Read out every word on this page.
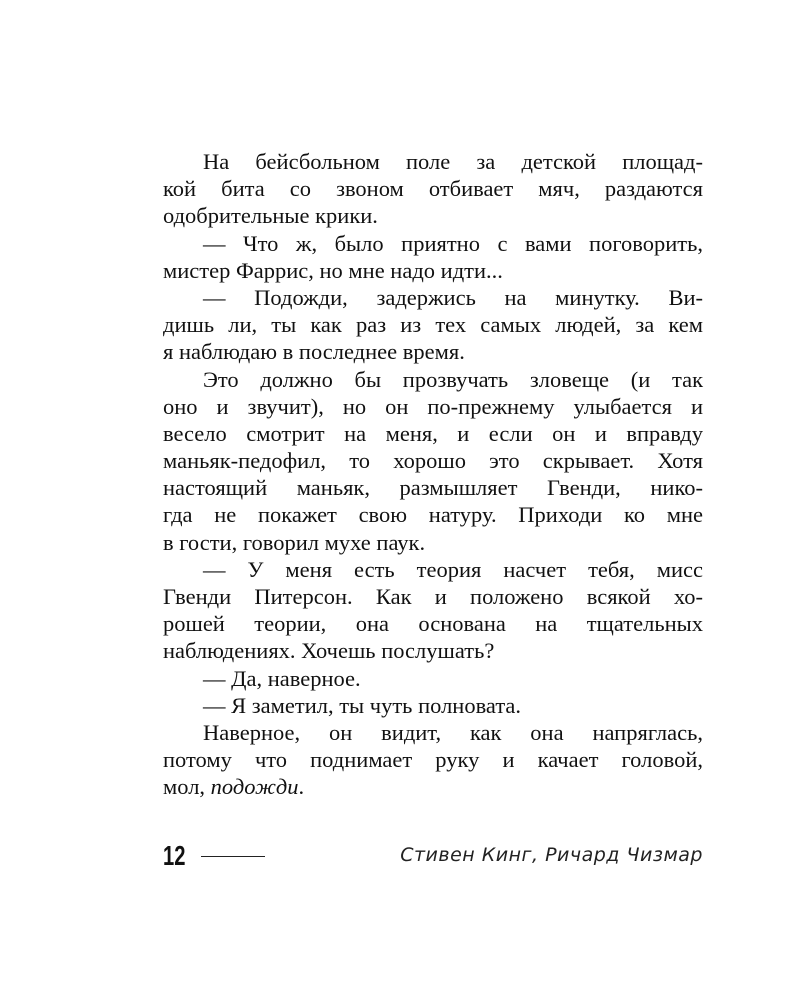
На бейсбольном поле за детской площад-
кой бита со звоном отбивает мяч, раздаются
одобрительные крики.
— Что ж, было приятно с вами поговорить,
мистер Фаррис, но мне надо идти...
— Подожди, задержись на минутку. Ви-
дишь ли, ты как раз из тех самых людей, за кем
я наблюдаю в последнее время.
Это должно бы прозвучать зловеще (и так
оно и звучит), но он по-прежнему улыбается и
весело смотрит на меня, и если он и вправду
маньяк-педофил, то хорошо это скрывает. Хотя
настоящий маньяк, размышляет Гвенди, нико-
гда не покажет свою натуру. Приходи ко мне
в гости, говорил мухе паук.
— У меня есть теория насчет тебя, мисс
Гвенди Питерсон. Как и положено всякой хо-
рошей теории, она основана на тщательных
наблюдениях. Хочешь послушать?
— Да, наверное.
— Я заметил, ты чуть полновата.
Наверное, он видит, как она напряглась,
потому что поднимает руку и качает головой,
мол, подожди.
12	Стивен Кинг, Ричард Чизмар
